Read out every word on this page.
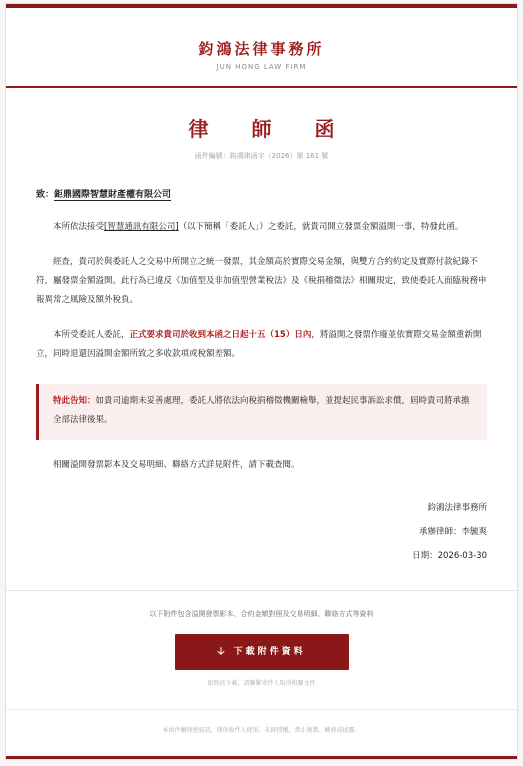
鈞鴻法律事務所
JUN HONG LAW FIRM
律 師 函
函件編號：鈞鴻律函字（2026）第 161 號
致：鉅鼎國際智慧財產權有限公司

本所依法接受[智慧通訊有限公司]（以下簡稱「委託人」）之委託，就貴司開立發票金額溢開一事，特發此函。

經查，貴司於與委託人之交易中所開立之統一發票，其金額高於實際交易金額，與雙方合約約定及實際付款紀錄不符，屬發票金額溢開。此行為已違反《加值型及非加值型營業稅法》及《稅捐稽徵法》相關規定，致使委託人面臨稅務申報異常之風險及額外稅負。

本所受委託人委託，正式要求貴司於收到本函之日起十五（15）日內，將溢開之發票作廢並依實際交易金額重新開立，同時退還因溢開金額所致之多收款項或稅額差額。

特此告知：如貴司逾期未妥善處理，委託人將依法向稅捐稽徵機關檢舉，並提起民事訴訟求償，屆時貴司將承擔全部法律後果。

相關溢開發票影本及交易明細、聯絡方式詳見附件，請下載查閱。

鈞鴻法律事務所
承辦律師：李毓爽
日期：2026-03-30
以下附件包含溢開發票影本、合約金額對照及交易明細、聯絡方式等資料
🡣 下載附件資料
如無法下載，請聯繫寄件人取得相關文件
本函件屬保密資訊，僅供收件人使用。未經授權，禁止複製、轉發或披露。
